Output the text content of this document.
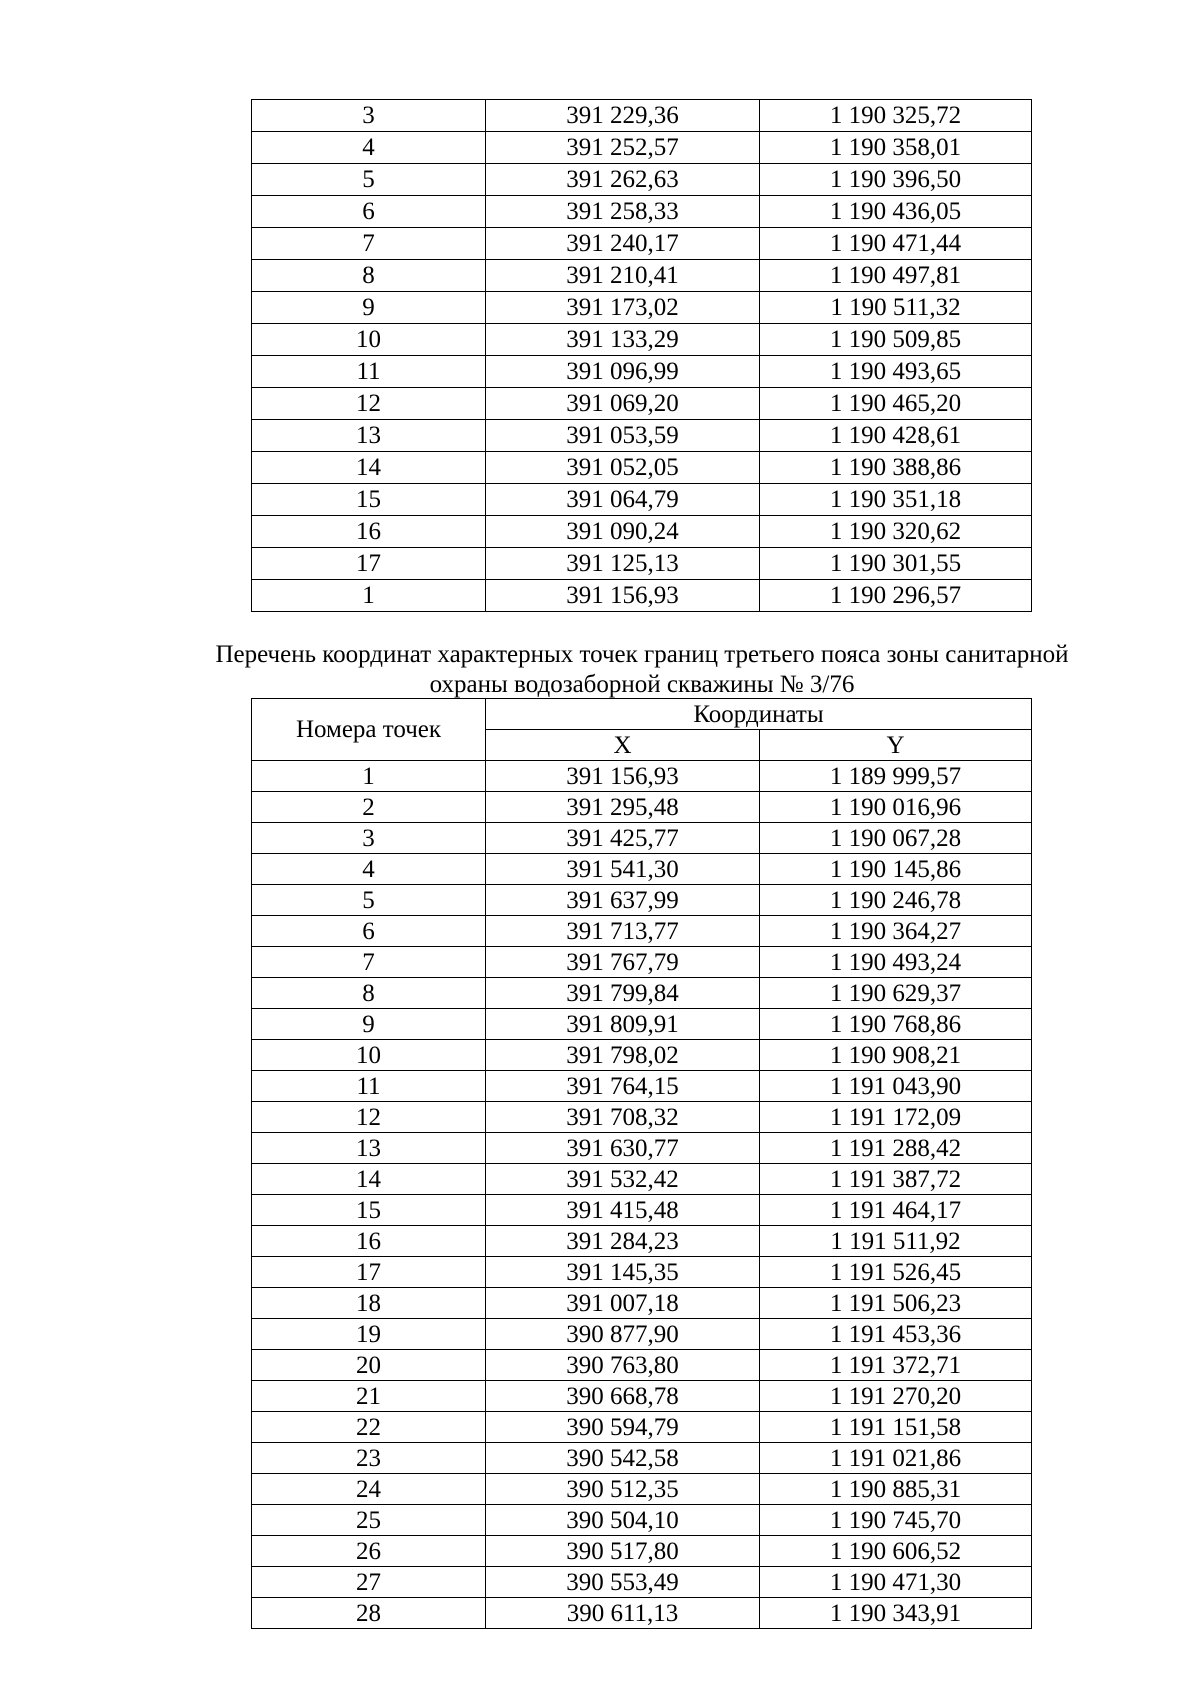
3	391 229,36	1 190 325,72
4	391 252,57	1 190 358,01
5	391 262,63	1 190 396,50
6	391 258,33	1 190 436,05
7	391 240,17	1 190 471,44
8	391 210,41	1 190 497,81
9	391 173,02	1 190 511,32
10	391 133,29	1 190 509,85
11	391 096,99	1 190 493,65
12	391 069,20	1 190 465,20
13	391 053,59	1 190 428,61
14	391 052,05	1 190 388,86
15	391 064,79	1 190 351,18
16	391 090,24	1 190 320,62
17	391 125,13	1 190 301,55
1	391 156,93	1 190 296,57
Перечень координат характерных точек границ третьего пояса зоны санитарной
охраны водозаборной скважины № 3/76
Номера точек	Координаты	
	X	Y
1	391 156,93	1 189 999,57
2	391 295,48	1 190 016,96
3	391 425,77	1 190 067,28
4	391 541,30	1 190 145,86
5	391 637,99	1 190 246,78
6	391 713,77	1 190 364,27
7	391 767,79	1 190 493,24
8	391 799,84	1 190 629,37
9	391 809,91	1 190 768,86
10	391 798,02	1 190 908,21
11	391 764,15	1 191 043,90
12	391 708,32	1 191 172,09
13	391 630,77	1 191 288,42
14	391 532,42	1 191 387,72
15	391 415,48	1 191 464,17
16	391 284,23	1 191 511,92
17	391 145,35	1 191 526,45
18	391 007,18	1 191 506,23
19	390 877,90	1 191 453,36
20	390 763,80	1 191 372,71
21	390 668,78	1 191 270,20
22	390 594,79	1 191 151,58
23	390 542,58	1 191 021,86
24	390 512,35	1 190 885,31
25	390 504,10	1 190 745,70
26	390 517,80	1 190 606,52
27	390 553,49	1 190 471,30
28	390 611,13	1 190 343,91
